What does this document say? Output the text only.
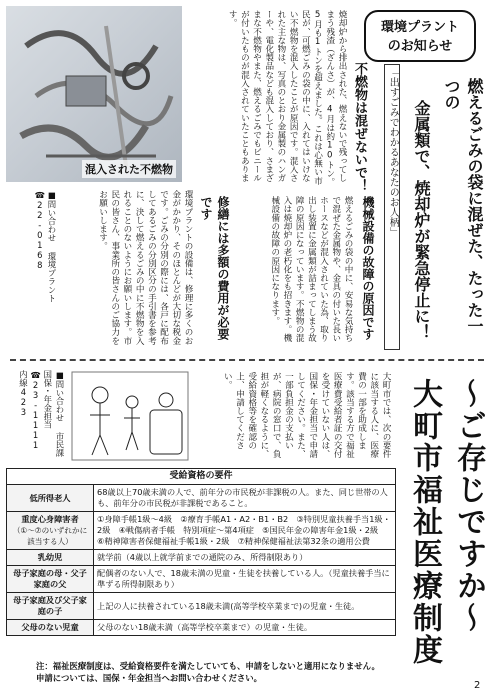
混入された不燃物
環境プラント
のお知らせ
燃えるごみの袋に混ぜた、たった一つの
金属類で、焼却炉が緊急停止に！
「出すごみでわかるあなたのお人柄」
不燃物は混ぜないで！
焼却炉から排出された、燃えないで残ってしまう残渣（ざんさ）が、4月は約10トン。5月も1トンを超えました。これは心無い市民が、可燃ごみの袋の中に、入れてはいけない不燃物を混入したことが原因です。混入された主な物は、写真のとおり金属製のハンガーや、電化製品なども混入しており、さまざまな不燃物やまた、燃えるごみでもビニールが付いたものが混入されていたこともあります。
機械設備の故障の原因です
燃えるごみの袋の中に、安易な気持ちで混ぜた金属物や、金具の付いた長いホースなどが混入されていた為、取り出し装置に金属類が詰まってしまう故障の原因になっています。不燃物の混入は焼却炉の老朽化をも招きます。機械設備の故障の原因になります。
修繕には多額の費用が必要です
環境プラントの設備は、修理に多くのお金がかかり、そのほとんどが大切な税金です。ごみの分別の際には、各戸に配布してあるごみの分別区分の手引書を参考に、決して燃えるごみの中に不燃物を入れることのないようにお願いします。市民の皆さん、事業所の皆さんのご協力をお願いします。
■問い合わせ 環境プラント ☎22-0168
〜ご存じですか〜 大町市福祉医療制度
大町市では、次の要件に該当する人に、医療費の一部を助成します。該当する方で福祉医療費受給者証の交付を受けていない人は、国保・年金担当で申請してください。また、一部負担金の支払いが、病院の窓口で、負担が軽くなるように、受給資格等を確認の上、申請してください。
■問い合わせ 市民課国保・年金担当 ☎23-1111 内線423
受給資格の要件	
低所得老人	68歳以上70歳未満の人で、前年分の市民税が非課税の人。また、同じ世帯の人も、前年分の市民税が非課税であること。
重度心身障害者
（①～⑦のいずれかに該当する人）	①身障手帳1級～4級　②療育手帳A1・A2・B1・B2　③特別児童扶養手当1級・2級　④戦傷病者手帳　特別項症～第4項症　⑤国民年金の障害年金1級・2級　⑥精神障害者保健福祉手帳1級・2級　⑦精神保健福祉法第32条の適用公費
乳幼児	就学前（4歳以上就学前までの通院のみ、所得制限あり）
母子家庭の母・父子家庭の父	配偶者のない人で、18歳未満の児童・生徒を扶養している人。（児童扶養手当に準ずる所得制限あり）
母子家庭及び父子家庭の子	上記の人に扶養されている18歳未満(高等学校卒業まで)の児童・生徒。
父母のない児童	父母のない18歳未満（高等学校卒業まで）の児童・生徒。
注：福祉医療制度は、受給資格要件を満たしていても、申請をしないと適用になりません。
申請については、国保・年金担当へお問い合わせください。
2
